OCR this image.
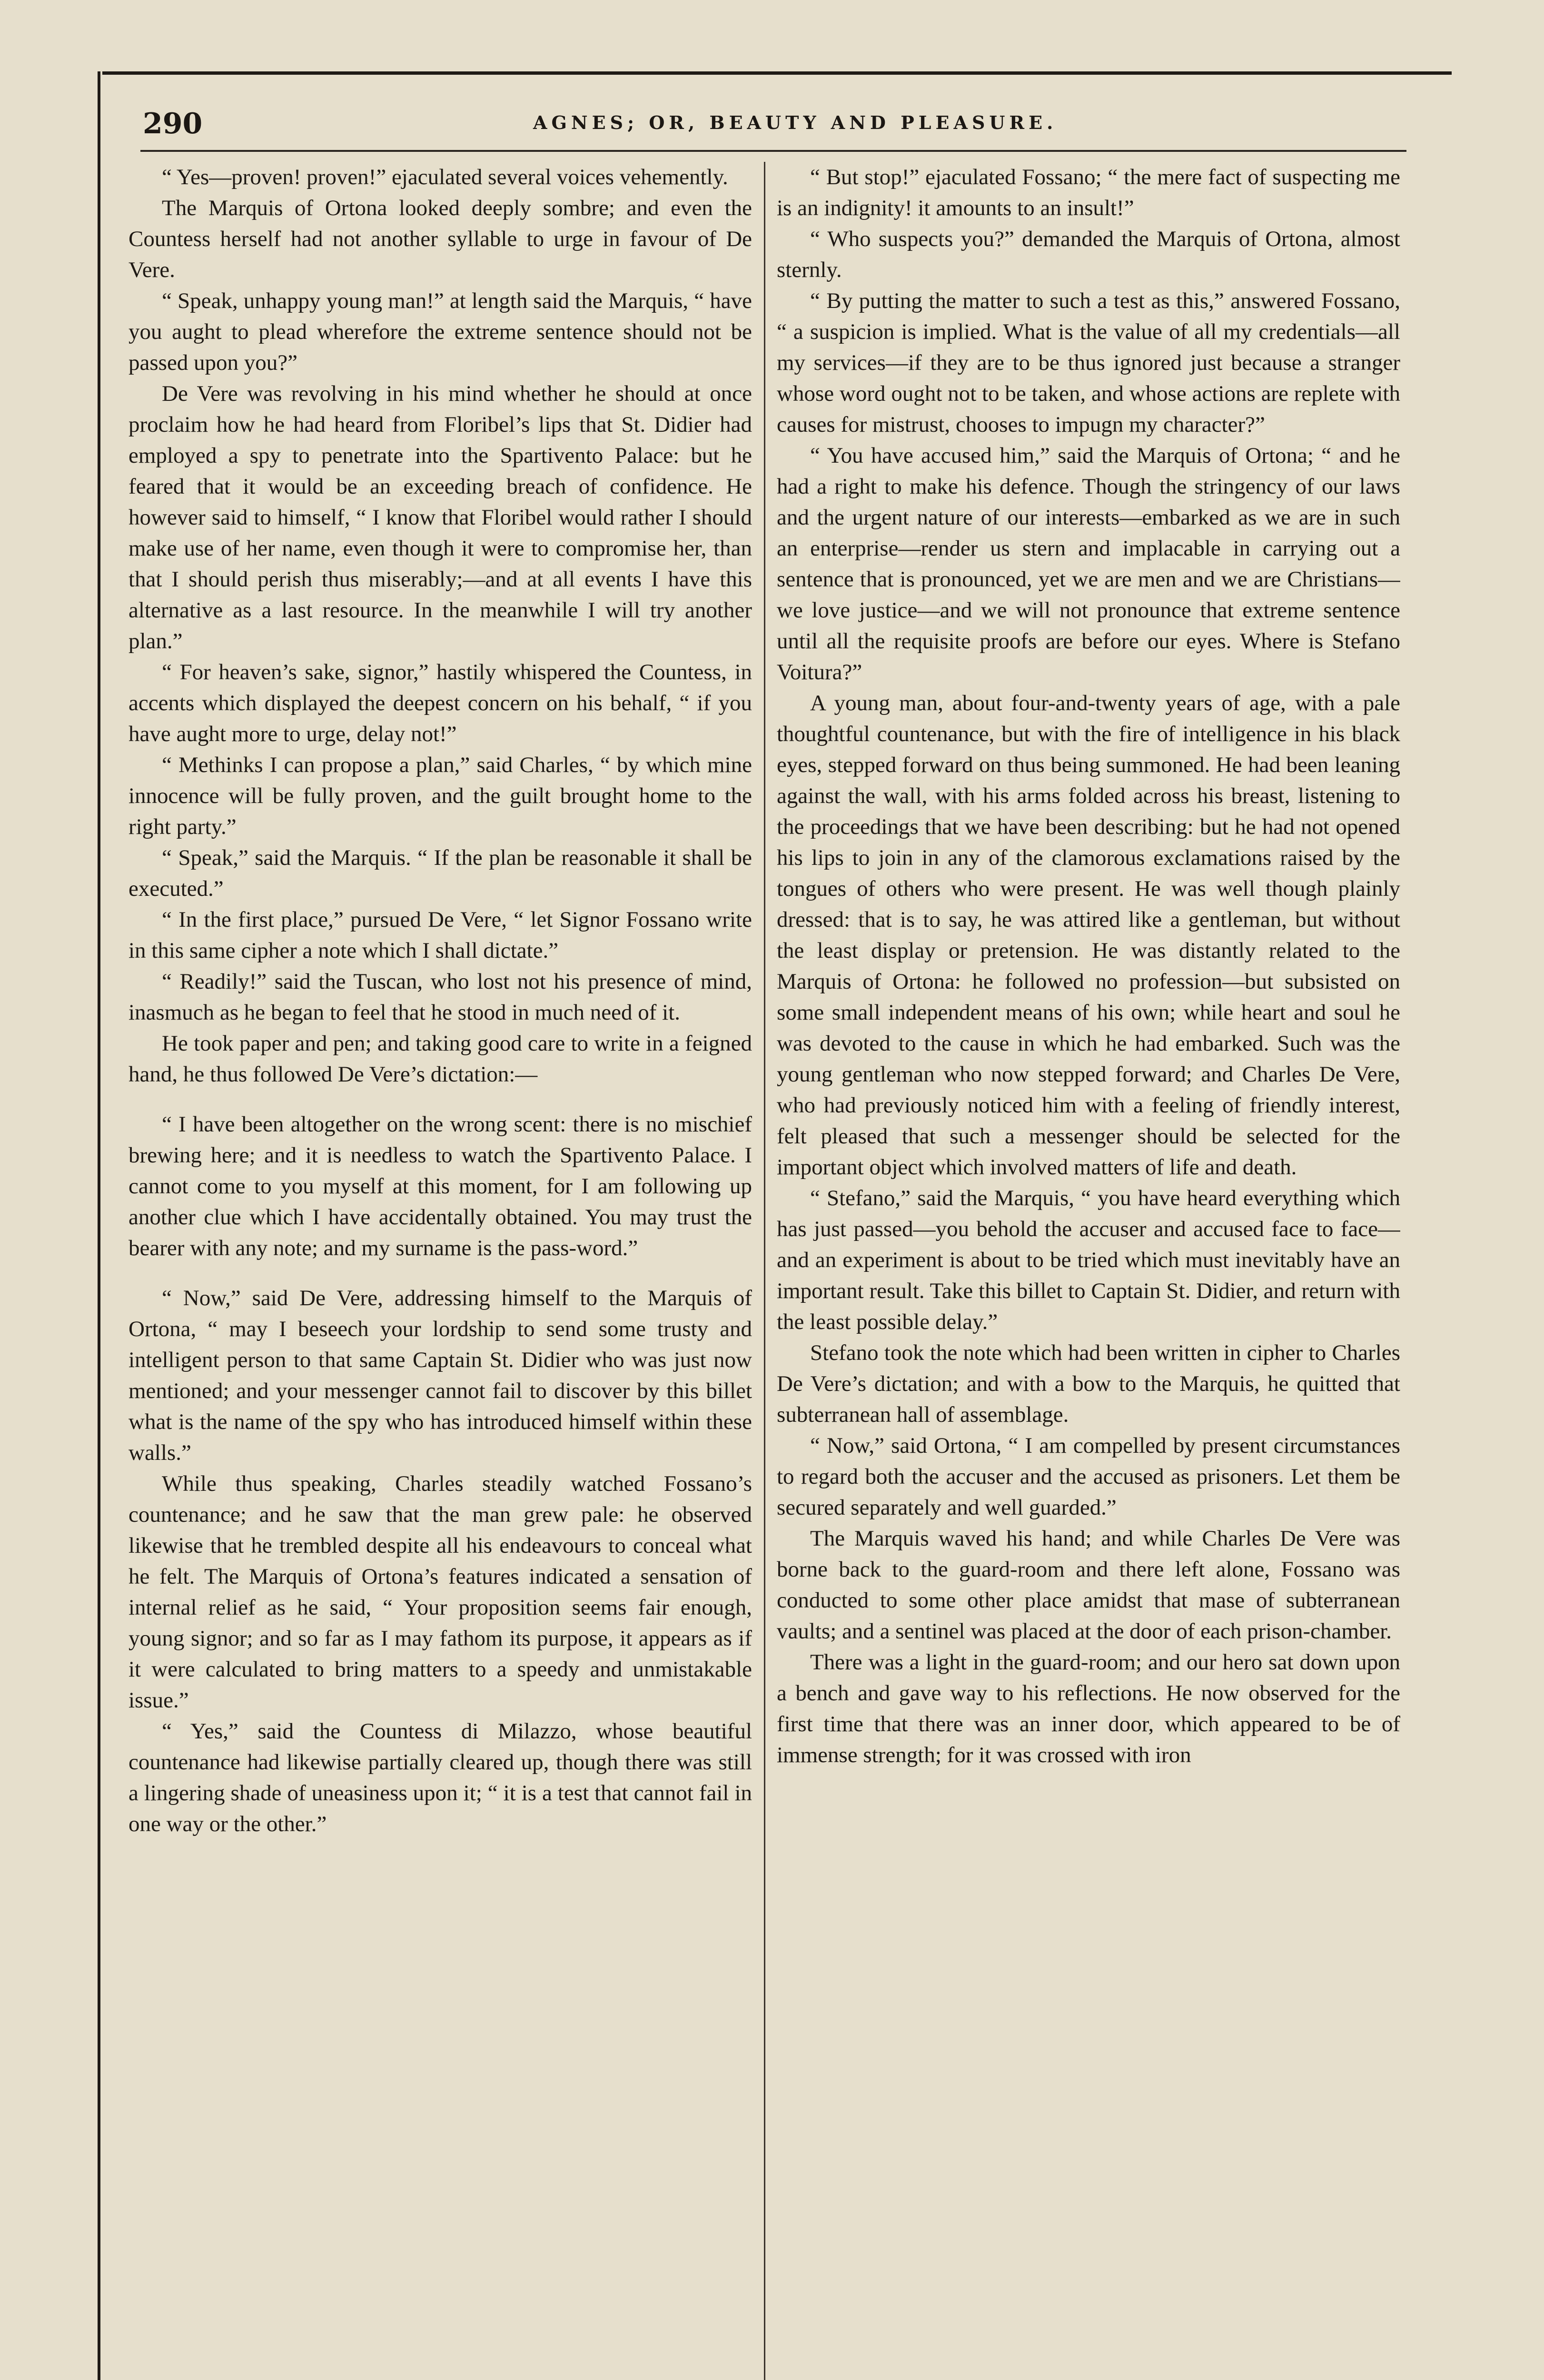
290	AGNES; OR, BEAUTY AND PLEASURE.

“ Yes—proven! proven!” ejaculated several voices vehemently.

The Marquis of Ortona looked deeply sombre; and even the Countess herself had not another syllable to urge in favour of De Vere.

“ Speak, unhappy young man!” at length said the Marquis, “ have you aught to plead wherefore the extreme sentence should not be passed upon you?”

De Vere was revolving in his mind whether he should at once proclaim how he had heard from Floribel’s lips that St. Didier had employed a spy to penetrate into the Spartivento Palace: but he feared that it would be an exceeding breach of confidence. He however said to himself, “ I know that Floribel would rather I should make use of her name, even though it were to compromise her, than that I should perish thus miserably;—and at all events I have this alternative as a last resource. In the meanwhile I will try another plan.”

“ For heaven’s sake, signor,” hastily whispered the Countess, in accents which displayed the deepest concern on his behalf, “ if you have aught more to urge, delay not!”

“ Methinks I can propose a plan,” said Charles, “ by which mine innocence will be fully proven, and the guilt brought home to the right party.”

“ Speak,” said the Marquis. “ If the plan be reasonable it shall be executed.”

“ In the first place,” pursued De Vere, “ let Signor Fossano write in this same cipher a note which I shall dictate.”

“ Readily!” said the Tuscan, who lost not his presence of mind, inasmuch as he began to feel that he stood in much need of it.

He took paper and pen; and taking good care to write in a feigned hand, he thus followed De Vere’s dictation:—

“ I have been altogether on the wrong scent: there is no mischief brewing here; and it is needless to watch the Spartivento Palace. I cannot come to you myself at this moment, for I am following up another clue which I have accidentally obtained. You may trust the bearer with any note; and my surname is the pass-word.”

“ Now,” said De Vere, addressing himself to the Marquis of Ortona, “ may I beseech your lordship to send some trusty and intelligent person to that same Captain St. Didier who was just now mentioned; and your messenger cannot fail to discover by this billet what is the name of the spy who has introduced himself within these walls.”

While thus speaking, Charles steadily watched Fossano’s countenance; and he saw that the man grew pale: he observed likewise that he trembled despite all his endeavours to conceal what he felt. The Marquis of Ortona’s features indicated a sensation of internal relief as he said, “ Your proposition seems fair enough, young signor; and so far as I may fathom its purpose, it appears as if it were calculated to bring matters to a speedy and unmistakable issue.”

“ Yes,” said the Countess di Milazzo, whose beautiful countenance had likewise partially cleared up, though there was still a lingering shade of uneasiness upon it; “ it is a test that cannot fail in one way or the other.”

“ But stop!” ejaculated Fossano; “ the mere fact of suspecting me is an indignity! it amounts to an insult!”

“ Who suspects you?” demanded the Marquis of Ortona, almost sternly.

“ By putting the matter to such a test as this,” answered Fossano, “ a suspicion is implied. What is the value of all my credentials—all my services—if they are to be thus ignored just because a stranger whose word ought not to be taken, and whose actions are replete with causes for mistrust, chooses to impugn my character?”

“ You have accused him,” said the Marquis of Ortona; “ and he had a right to make his defence. Though the stringency of our laws and the urgent nature of our interests—embarked as we are in such an enterprise—render us stern and implacable in carrying out a sentence that is pronounced, yet we are men and we are Christians—we love justice—and we will not pronounce that extreme sentence until all the requisite proofs are before our eyes. Where is Stefano Voitura?”

A young man, about four-and-twenty years of age, with a pale thoughtful countenance, but with the fire of intelligence in his black eyes, stepped forward on thus being summoned. He had been leaning against the wall, with his arms folded across his breast, listening to the proceedings that we have been describing: but he had not opened his lips to join in any of the clamorous exclamations raised by the tongues of others who were present. He was well though plainly dressed: that is to say, he was attired like a gentleman, but without the least display or pretension. He was distantly related to the Marquis of Ortona: he followed no profession—but subsisted on some small independent means of his own; while heart and soul he was devoted to the cause in which he had embarked. Such was the young gentleman who now stepped forward; and Charles De Vere, who had previously noticed him with a feeling of friendly interest, felt pleased that such a messenger should be selected for the important object which involved matters of life and death.

“ Stefano,” said the Marquis, “ you have heard everything which has just passed—you behold the accuser and accused face to face—and an experiment is about to be tried which must inevitably have an important result. Take this billet to Captain St. Didier, and return with the least possible delay.”

Stefano took the note which had been written in cipher to Charles De Vere’s dictation; and with a bow to the Marquis, he quitted that subterranean hall of assemblage.

“ Now,” said Ortona, “ I am compelled by present circumstances to regard both the accuser and the accused as prisoners. Let them be secured separately and well guarded.”

The Marquis waved his hand; and while Charles De Vere was borne back to the guard-room and there left alone, Fossano was conducted to some other place amidst that mase of subterranean vaults; and a sentinel was placed at the door of each prison-chamber.

There was a light in the guard-room; and our hero sat down upon a bench and gave way to his reflections. He now observed for the first time that there was an inner door, which appeared to be of immense strength; for it was crossed with iron
